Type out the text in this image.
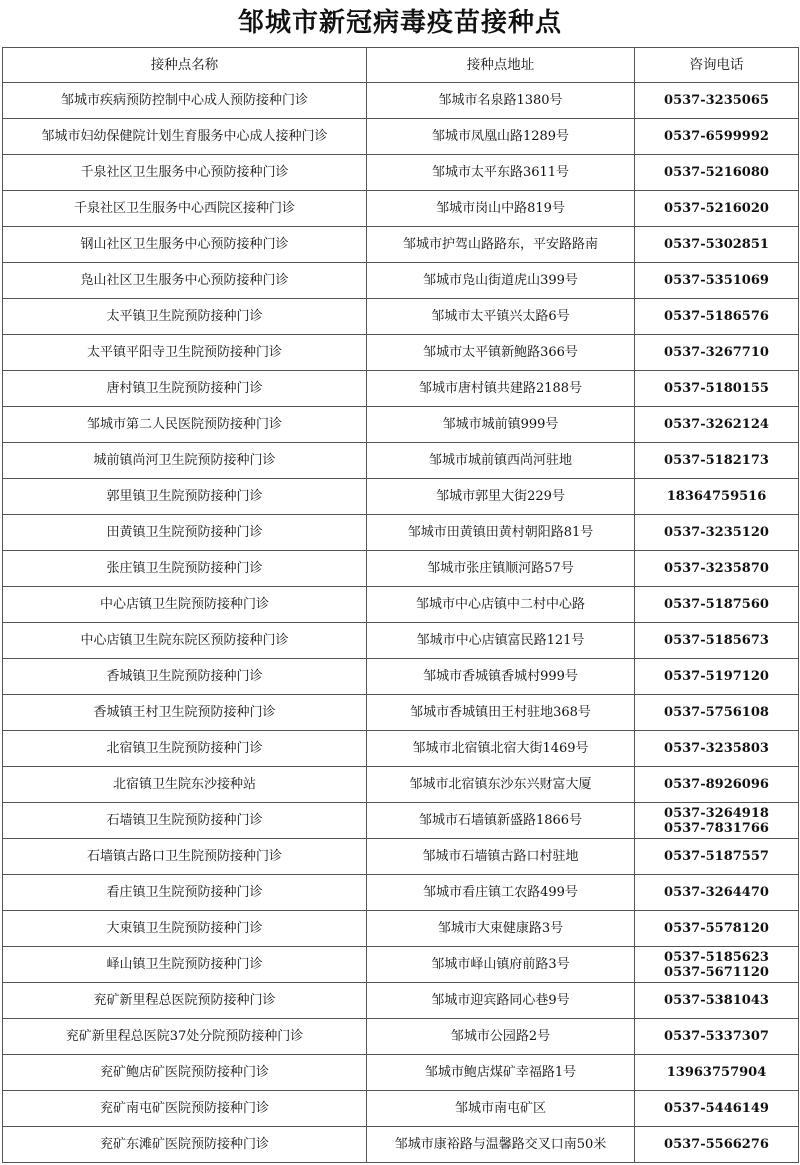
邹城市新冠病毒疫苗接种点
接种点名称	接种点地址	咨询电话
邹城市疾病预防控制中心成人预防接种门诊	邹城市名泉路1380号	0537-3235065

邹城市妇幼保健院计划生育服务中心成人接种门诊	邹城市凤凰山路1289号	0537-6599992

千泉社区卫生服务中心预防接种门诊	邹城市太平东路3611号	0537-5216080

千泉社区卫生服务中心西院区接种门诊	邹城市岗山中路819号	0537-5216020

钢山社区卫生服务中心预防接种门诊	邹城市护驾山路路东，平安路路南	0537-5302851

凫山社区卫生服务中心预防接种门诊	邹城市凫山街道虎山399号	0537-5351069

太平镇卫生院预防接种门诊	邹城市太平镇兴太路6号	0537-5186576

太平镇平阳寺卫生院预防接种门诊	邹城市太平镇新鲍路366号	0537-3267710

唐村镇卫生院预防接种门诊	邹城市唐村镇共建路2188号	0537-5180155

邹城市第二人民医院预防接种门诊	邹城市城前镇999号	0537-3262124

城前镇尚河卫生院预防接种门诊	邹城市城前镇西尚河驻地	0537-5182173

郭里镇卫生院预防接种门诊	邹城市郭里大街229号	18364759516

田黄镇卫生院预防接种门诊	邹城市田黄镇田黄村朝阳路81号	0537-3235120

张庄镇卫生院预防接种门诊	邹城市张庄镇顺河路57号	0537-3235870

中心店镇卫生院预防接种门诊	邹城市中心店镇中二村中心路	0537-5187560

中心店镇卫生院东院区预防接种门诊	邹城市中心店镇富民路121号	0537-5185673

香城镇卫生院预防接种门诊	邹城市香城镇香城村999号	0537-5197120

香城镇王村卫生院预防接种门诊	邹城市香城镇田王村驻地368号	0537-5756108

北宿镇卫生院预防接种门诊	邹城市北宿镇北宿大街1469号	0537-3235803

北宿镇卫生院东沙接种站	邹城市北宿镇东沙东兴财富大厦	0537-8926096

石墙镇卫生院预防接种门诊	邹城市石墙镇新盛路1866号	0537-3264918
0537-7831766

石墙镇古路口卫生院预防接种门诊	邹城市石墙镇古路口村驻地	0537-5187557

看庄镇卫生院预防接种门诊	邹城市看庄镇工农路499号	0537-3264470

大束镇卫生院预防接种门诊	邹城市大束健康路3号	0537-5578120

峄山镇卫生院预防接种门诊	邹城市峄山镇府前路3号	0537-5185623
0537-5671120

兖矿新里程总医院预防接种门诊	邹城市迎宾路同心巷9号	0537-5381043

兖矿新里程总医院37处分院预防接种门诊	邹城市公园路2号	0537-5337307

兖矿鲍店矿医院预防接种门诊	邹城市鲍店煤矿幸福路1号	13963757904

兖矿南屯矿医院预防接种门诊	邹城市南屯矿区	0537-5446149

兖矿东滩矿医院预防接种门诊	邹城市康裕路与温馨路交叉口南50米	0537-5566276
